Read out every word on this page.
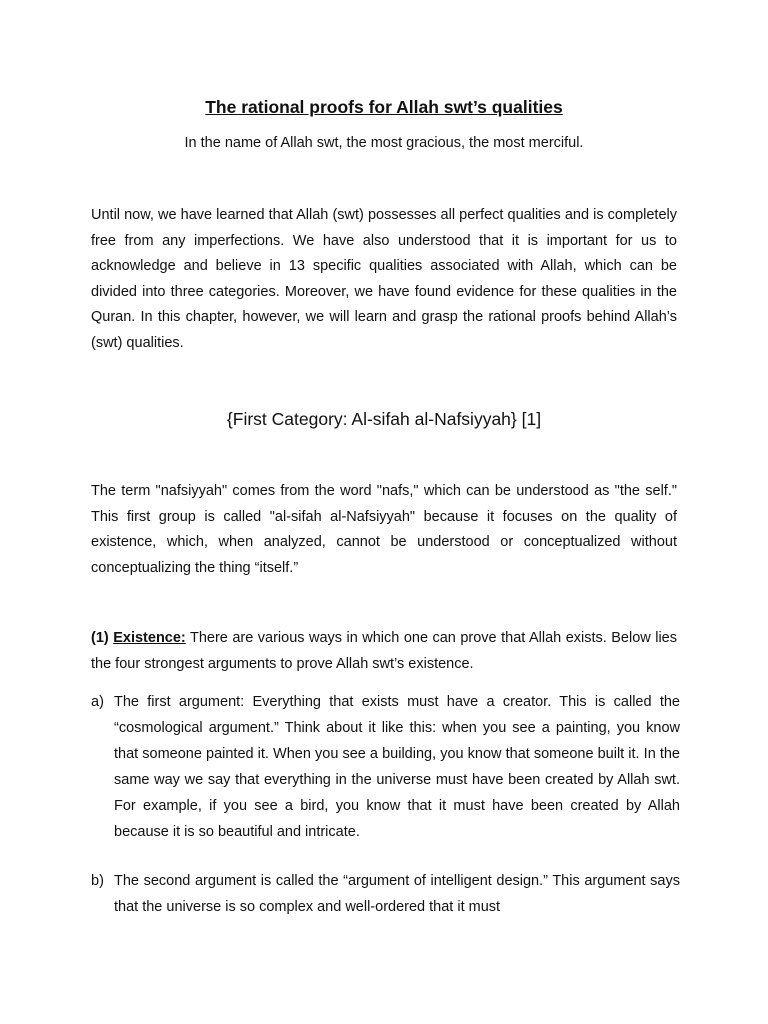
The rational proofs for Allah swt’s qualities
In the name of Allah swt, the most gracious, the most merciful.

Until now, we have learned that Allah (swt) possesses all perfect qualities and is completely free from any imperfections. We have also understood that it is important for us to acknowledge and believe in 13 specific qualities associated with Allah, which can be divided into three categories. Moreover, we have found evidence for these qualities in the Quran. In this chapter, however, we will learn and grasp the rational proofs behind Allah’s (swt) qualities.

{First Category: Al-sifah al-Nafsiyyah} [1]

The term "nafsiyyah" comes from the word "nafs," which can be understood as "the self." This first group is called "al-sifah al-Nafsiyyah" because it focuses on the quality of existence, which, when analyzed, cannot be understood or conceptualized without conceptualizing the thing “itself.”

(1) Existence: There are various ways in which one can prove that Allah exists. Below lies the four strongest arguments to prove Allah swt’s existence.

a) The first argument: Everything that exists must have a creator. This is called the “cosmological argument.” Think about it like this: when you see a painting, you know that someone painted it. When you see a building, you know that someone built it. In the same way we say that everything in the universe must have been created by Allah swt. For example, if you see a bird, you know that it must have been created by Allah because it is so beautiful and intricate.
b) The second argument is called the “argument of intelligent design.” This argument says that the universe is so complex and well-ordered that it must
